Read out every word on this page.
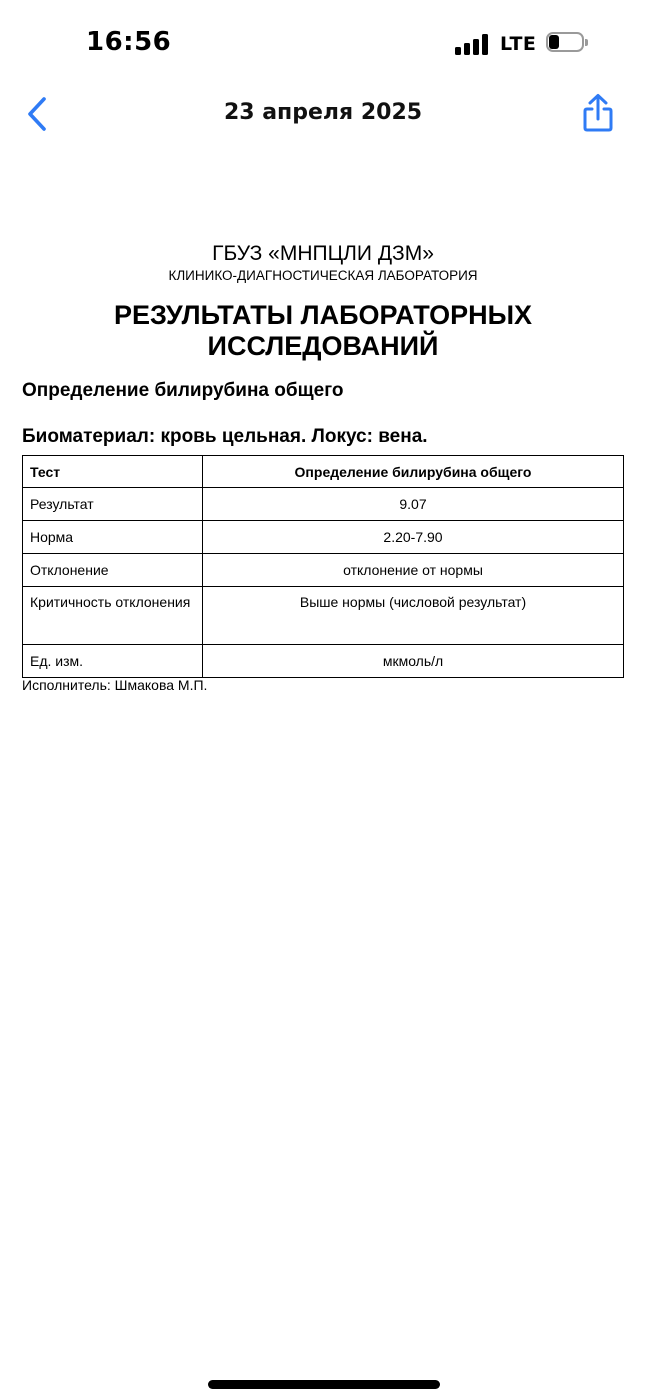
16:56	LTE
23 апреля 2025
ГБУЗ «МНПЦЛИ ДЗМ»
КЛИНИКО-ДИАГНОСТИЧЕСКАЯ ЛАБОРАТОРИЯ
РЕЗУЛЬТАТЫ ЛАБОРАТОРНЫХ
ИССЛЕДОВАНИЙ
Определение билирубина общего
Биоматериал: кровь цельная. Локус: вена.
Тест	Определение билирубина общего
Результат	9.07
Норма	2.20-7.90
Отклонение	отклонение от нормы
Критичность отклонения	Выше нормы (числовой результат)
Ед. изм.	мкмоль/л
Исполнитель: Шмакова М.П.
